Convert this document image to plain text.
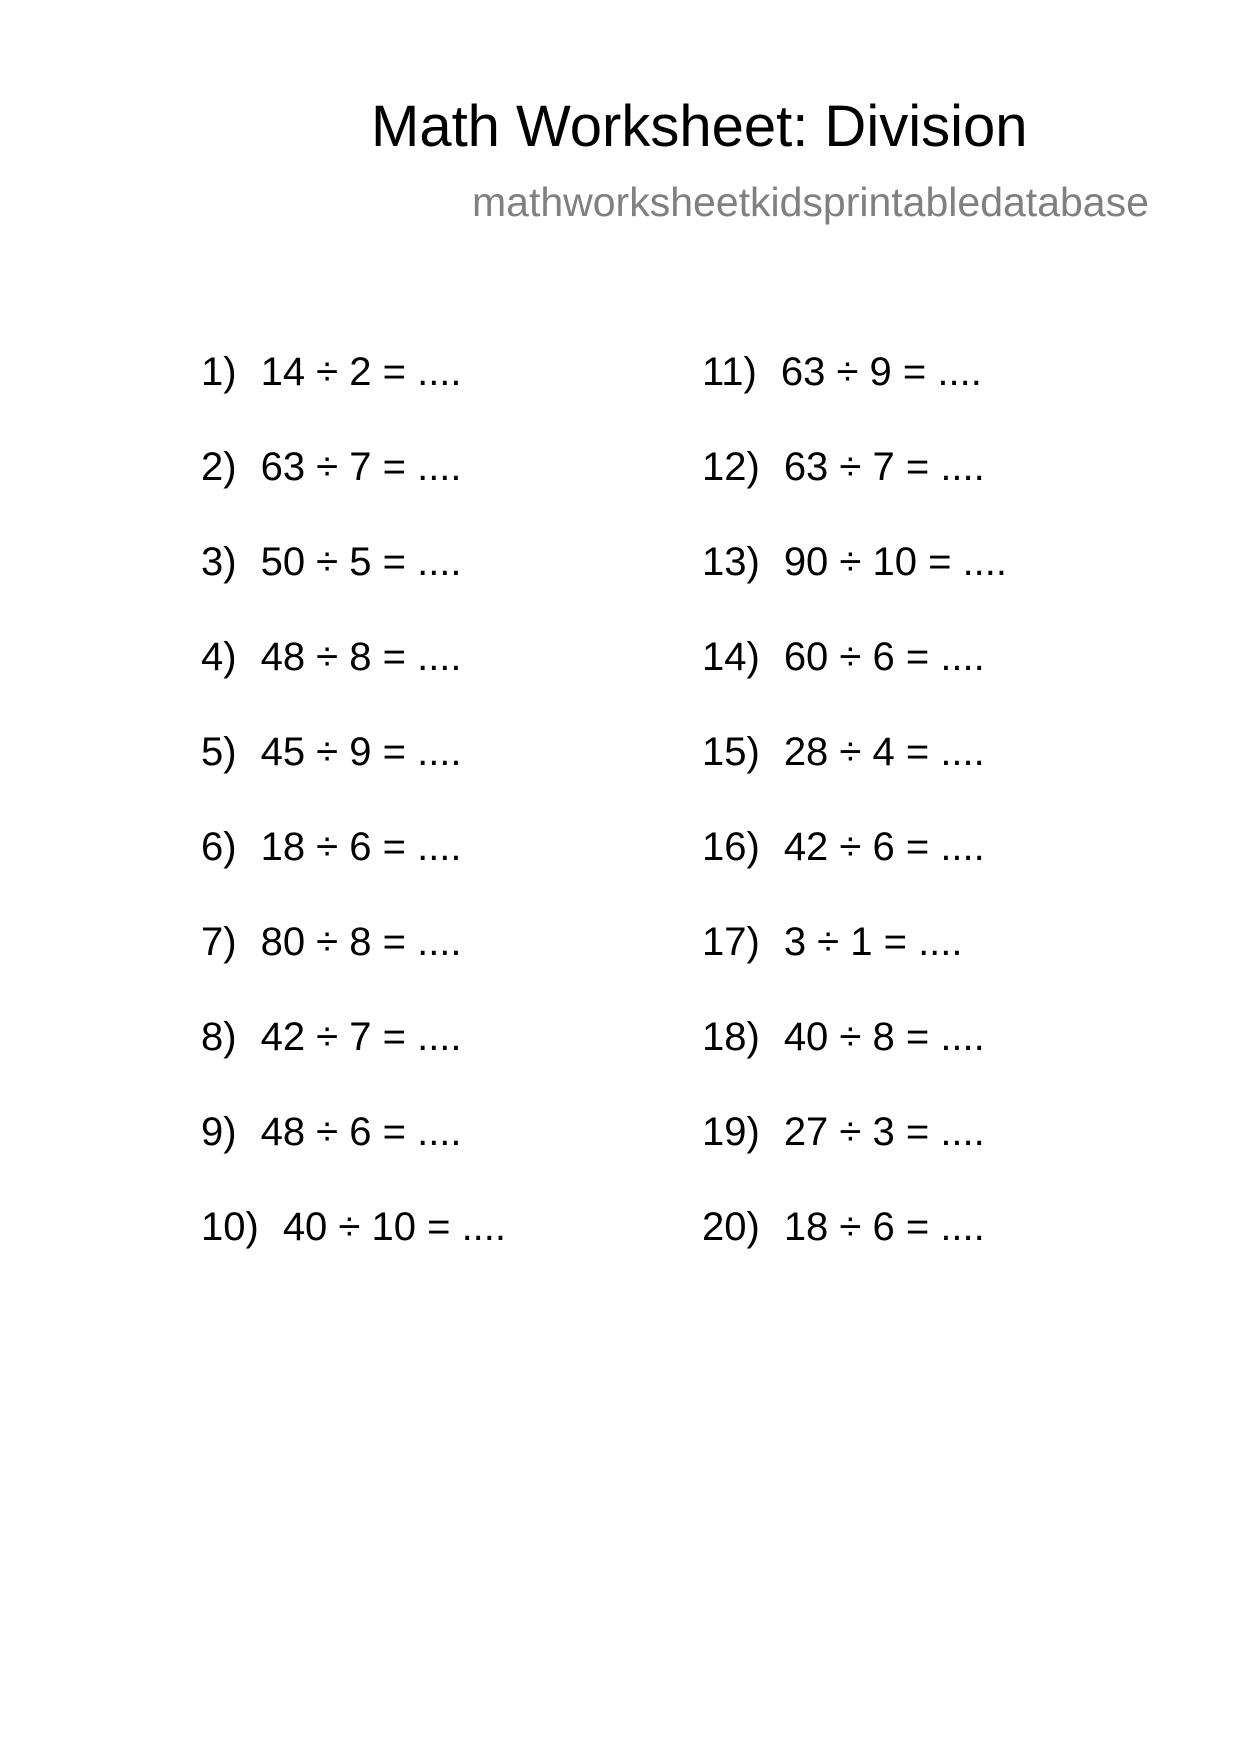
Math Worksheet: Division
mathworksheetkidsprintabledatabase
1) 14 ÷ 2 = ....
2) 63 ÷ 7 = ....
3) 50 ÷ 5 = ....
4) 48 ÷ 8 = ....
5) 45 ÷ 9 = ....
6) 18 ÷ 6 = ....
7) 80 ÷ 8 = ....
8) 42 ÷ 7 = ....
9) 48 ÷ 6 = ....
10) 40 ÷ 10 = ....
11) 63 ÷ 9 = ....
12) 63 ÷ 7 = ....
13) 90 ÷ 10 = ....
14) 60 ÷ 6 = ....
15) 28 ÷ 4 = ....
16) 42 ÷ 6 = ....
17) 3 ÷ 1 = ....
18) 40 ÷ 8 = ....
19) 27 ÷ 3 = ....
20) 18 ÷ 6 = ....
